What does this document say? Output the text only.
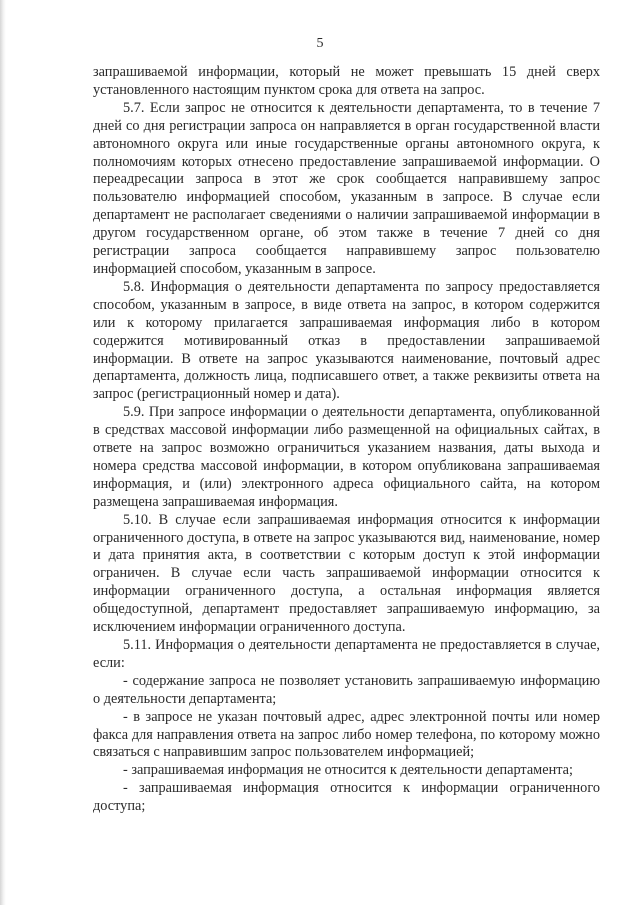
5

запрашиваемой информации, который не может превышать 15 дней сверх установленного настоящим пунктом срока для ответа на запрос.

5.7. Если запрос не относится к деятельности департамента, то в течение 7 дней со дня регистрации запроса он направляется в орган государственной власти автономного округа или иные государственные органы автономного округа, к полномочиям которых отнесено предоставление запрашиваемой информации. О переадресации запроса в этот же срок сообщается направившему запрос пользователю информацией способом, указанным в запросе. В случае если департамент не располагает сведениями о наличии запрашиваемой информации в другом государственном органе, об этом также в течение 7 дней со дня регистрации запроса сообщается направившему запрос пользователю информацией способом, указанным в запросе.

5.8. Информация о деятельности департамента по запросу предоставляется способом, указанным в запросе, в виде ответа на запрос, в котором содержится или к которому прилагается запрашиваемая информация либо в котором содержится мотивированный отказ в предоставлении запрашиваемой информации. В ответе на запрос указываются наименование, почтовый адрес департамента, должность лица, подписавшего ответ, а также реквизиты ответа на запрос (регистрационный номер и дата).

5.9. При запросе информации о деятельности департамента, опубликованной в средствах массовой информации либо размещенной на официальных сайтах, в ответе на запрос возможно ограничиться указанием названия, даты выхода и номера средства массовой информации, в котором опубликована запрашиваемая информация, и (или) электронного адреса официального сайта, на котором размещена запрашиваемая информация.

5.10. В случае если запрашиваемая информация относится к информации ограниченного доступа, в ответе на запрос указываются вид, наименование, номер и дата принятия акта, в соответствии с которым доступ к этой информации ограничен. В случае если часть запрашиваемой информации относится к информации ограниченного доступа, а остальная информация является общедоступной, департамент предоставляет запрашиваемую информацию, за исключением информации ограниченного доступа.

5.11. Информация о деятельности департамента не предоставляется в случае, если:

- содержание запроса не позволяет установить запрашиваемую информацию о деятельности департамента;

- в запросе не указан почтовый адрес, адрес электронной почты или номер факса для направления ответа на запрос либо номер телефона, по которому можно связаться с направившим запрос пользователем информацией;

- запрашиваемая информация не относится к деятельности департамента;

- запрашиваемая информация относится к информации ограниченного доступа;
